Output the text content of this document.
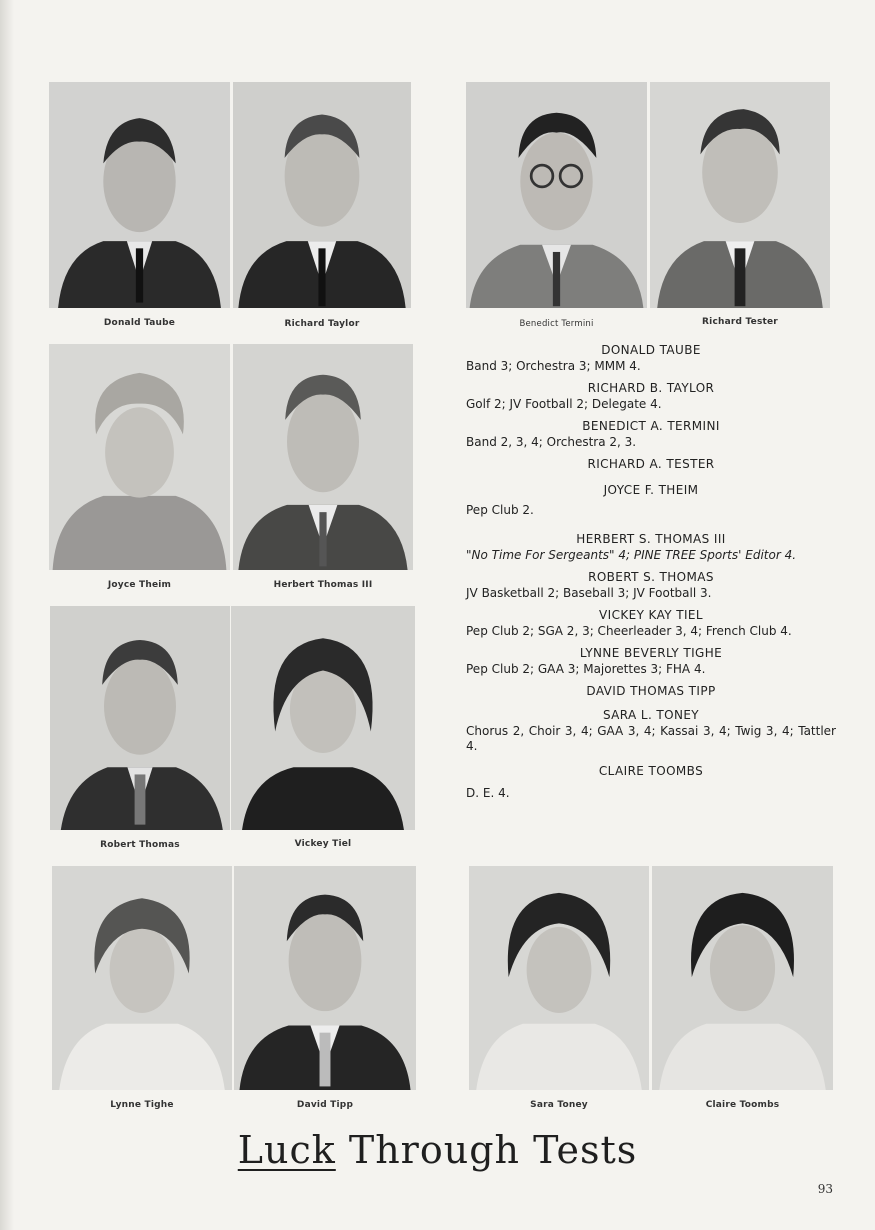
Donald Taube	Richard Taylor	Benedict Termini	Richard Tester
Joyce Theim	Herbert Thomas III
Robert Thomas	Vickey Tiel
Lynne Tighe	David Tipp	Sara Toney	Claire Toombs
DONALD TAUBE
Band 3; Orchestra 3; MMM 4.
RICHARD B. TAYLOR
Golf 2; JV Football 2; Delegate 4.
BENEDICT A. TERMINI
Band 2, 3, 4; Orchestra 2, 3.
RICHARD A. TESTER
JOYCE F. THEIM
Pep Club 2.
HERBERT S. THOMAS III
"No Time For Sergeants" 4; PINE TREE Sports' Editor 4.
ROBERT S. THOMAS
JV Basketball 2; Baseball 3; JV Football 3.
VICKEY KAY TIEL
Pep Club 2; SGA 2, 3; Cheerleader 3, 4; French Club 4.
LYNNE BEVERLY TIGHE
Pep Club 2; GAA 3; Majorettes 3; FHA 4.
DAVID THOMAS TIPP
SARA L. TONEY
Chorus 2, Choir 3, 4; GAA 3, 4; Kassai 3, 4; Twig 3, 4; Tattler 4.
CLAIRE TOOMBS
D. E. 4.
Luck Through Tests
93
